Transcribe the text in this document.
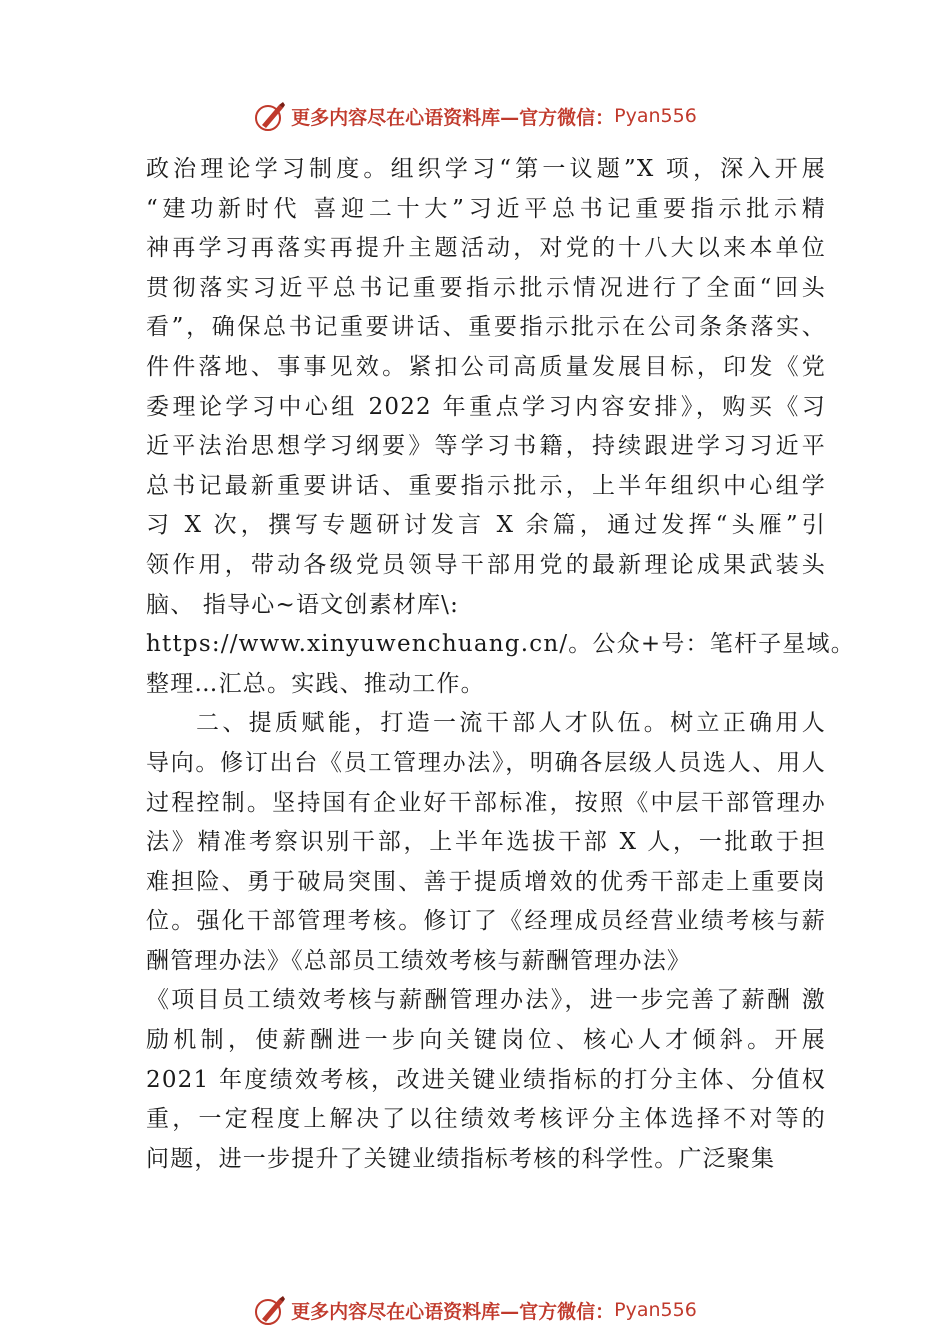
更多内容尽在心语资料库—官方微信： Pyan556
政治理论学习制度。组织学习“第一议题”X 项，深入开展
“建功新时代 喜迎二十大”习近平总书记重要指示批示精
神再学习再落实再提升主题活动，对党的十八大以来本单位
贯彻落实习近平总书记重要指示批示情况进行了全面“回头
看”，确保总书记重要讲话、重要指示批示在公司条条落实、
件件落地、事事见效。紧扣公司高质量发展目标，印发《党
委理论学习中心组 2022 年重点学习内容安排》，购买《习
近平法治思想学习纲要》等学习书籍，持续跟进学习习近平
总书记最新重要讲话、重要指示批示，上半年组织中心组学
习 X 次，撰写专题研讨发言 X 余篇，通过发挥“头雁”引
领作用，带动各级党员领导干部用党的最新理论成果武装头
脑、 指导心~语文创素材库\:
https://www.xinyuwenchuang.cn/。公众+号：笔杆子星域。
整理…汇总。实践、推动工作。
二、提质赋能，打造一流干部人才队伍。树立正确用人
导向。修订出台《员工管理办法》，明确各层级人员选人、用人
过程控制。坚持国有企业好干部标准，按照《中层干部管理办
法》精准考察识别干部，上半年选拔干部 X 人，一批敢于担
难担险、勇于破局突围、善于提质增效的优秀干部走上重要岗
位。强化干部管理考核。修订了《经理成员经营业绩考核与薪
酬管理办法》《总部员工绩效考核与薪酬管理办法》
《项目员工绩效考核与薪酬管理办法》，进一步完善了薪酬 激
励机制，使薪酬进一步向关键岗位、核心人才倾斜。开展
2021 年度绩效考核，改进关键业绩指标的打分主体、分值权
重，一定程度上解决了以往绩效考核评分主体选择不对等的
问题，进一步提升了关键业绩指标考核的科学性。广泛聚集
更多内容尽在心语资料库—官方微信： Pyan556
